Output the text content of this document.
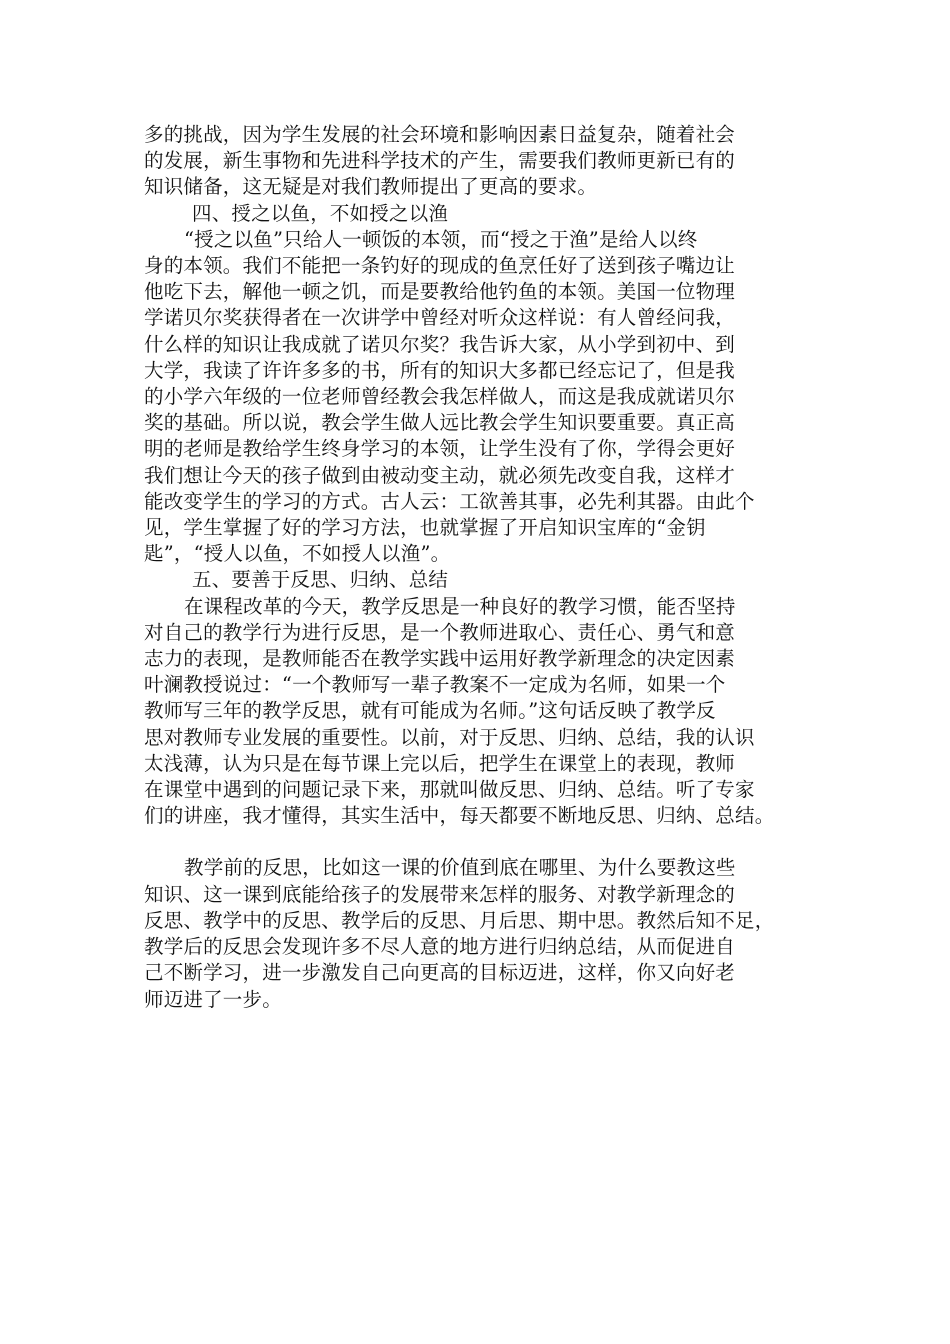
多的挑战，因为学生发展的社会环境和影响因素日益复杂，随着社会
的发展，新生事物和先进科学技术的产生，需要我们教师更新已有的
知识储备，这无疑是对我们教师提出了更高的要求。
四、授之以鱼，不如授之以渔
“授之以鱼”只给人一顿饭的本领，而“授之于渔”是给人以终
身的本领。我们不能把一条钓好的现成的鱼烹任好了送到孩子嘴边让
他吃下去，解他一顿之饥，而是要教给他钓鱼的本领。美国一位物理
学诺贝尔奖获得者在一次讲学中曾经对听众这样说：有人曾经问我，
什么样的知识让我成就了诺贝尔奖？我告诉大家，从小学到初中、到
大学，我读了许许多多的书，所有的知识大多都已经忘记了，但是我
的小学六年级的一位老师曾经教会我怎样做人，而这是我成就诺贝尔
奖的基础。所以说，教会学生做人远比教会学生知识要重要。真正高
明的老师是教给学生终身学习的本领，让学生没有了你，学得会更好
我们想让今天的孩子做到由被动变主动，就必须先改变自我，这样才
能改变学生的学习的方式。古人云：工欲善其事，必先利其器。由此个
见，学生掌握了好的学习方法，也就掌握了开启知识宝库的“金钥
匙”，“授人以鱼，不如授人以渔”。
五、要善于反思、归纳、总结
在课程改革的今天，教学反思是一种良好的教学习惯，能否坚持
对自己的教学行为进行反思，是一个教师进取心、责任心、勇气和意
志力的表现，是教师能否在教学实践中运用好教学新理念的决定因素
叶澜教授说过：“一个教师写一辈子教案不一定成为名师，如果一个
教师写三年的教学反思，就有可能成为名师。”这句话反映了教学反
思对教师专业发展的重要性。以前，对于反思、归纳、总结，我的认识
太浅薄，认为只是在每节课上完以后，把学生在课堂上的表现，教师
在课堂中遇到的问题记录下来，那就叫做反思、归纳、总结。听了专家
们的讲座，我才懂得，其实生活中，每天都要不断地反思、归纳、总结。
教学前的反思，比如这一课的价值到底在哪里、为什么要教这些
知识、这一课到底能给孩子的发展带来怎样的服务、对教学新理念的
反思、教学中的反思、教学后的反思、月后思、期中思。教然后知不足，
教学后的反思会发现许多不尽人意的地方进行归纳总结，从而促进自
己不断学习，进一步激发自己向更高的目标迈进，这样，你又向好老
师迈进了一步。
